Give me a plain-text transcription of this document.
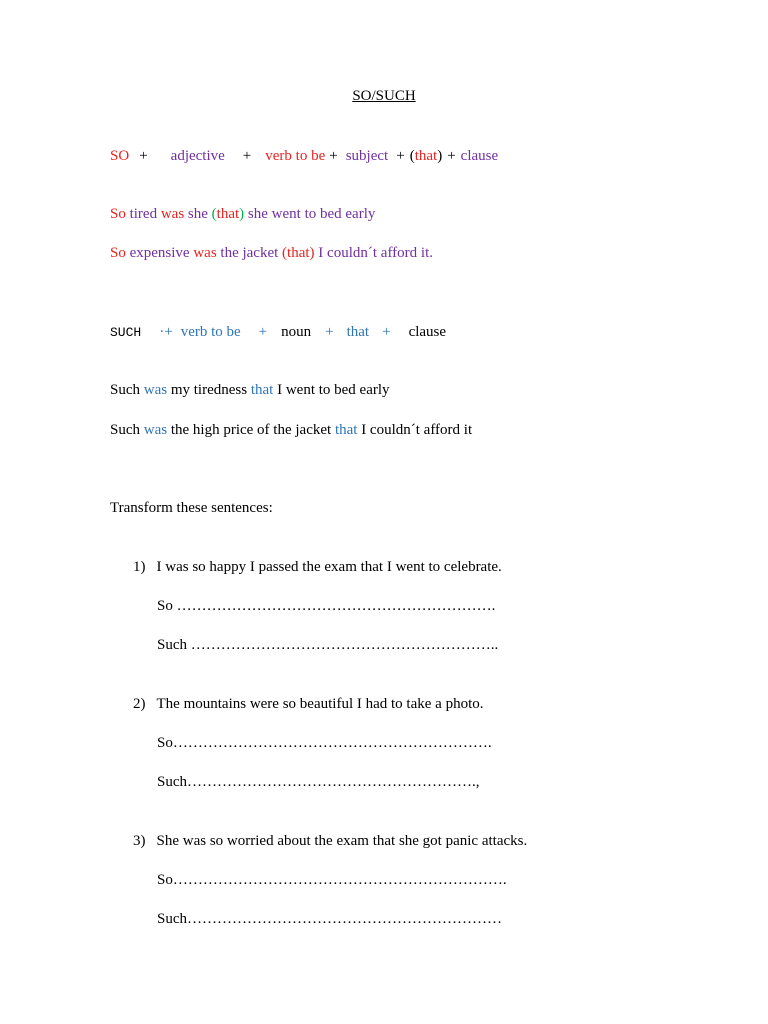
SO/SUCH
SO + adjective + verb to be + subject + (that) + clause
So tired was she (that) she went to bed early
So expensive was the jacket (that) I couldn´t afford it.
SUCH ·+ verb to be + noun + that + clause
Such was my tiredness that I went to bed early
Such was the high price of the jacket that I couldn´t afford it
Transform these sentences:
1) I was so happy I passed the exam that I went to celebrate.
So ……………………………………………………….
Such ……………………………………………………..
2) The mountains were so beautiful I had to take a photo.
So……………………………………………………….
Such………………………………………………….,
3) She was so worried about the exam that she got panic attacks.
So………………………………………………………….
Such………………………………………………………
